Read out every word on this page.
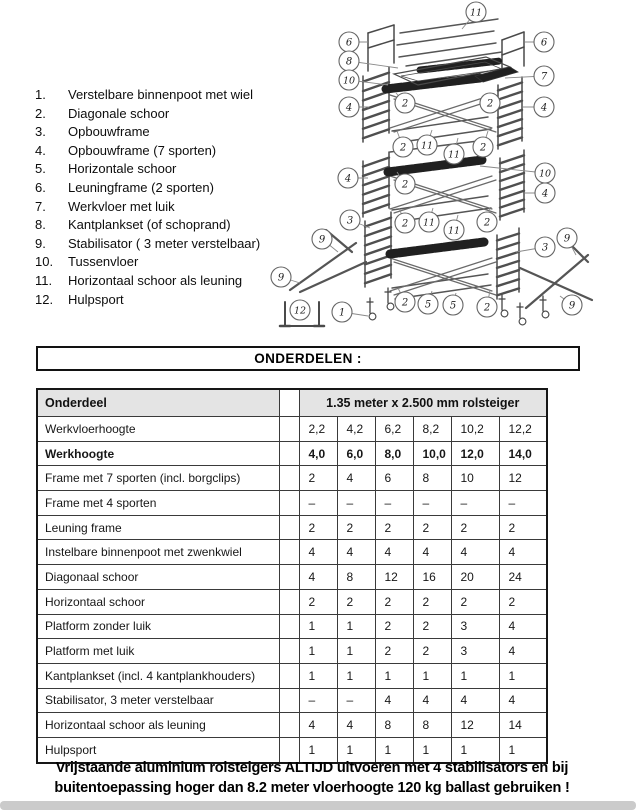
1.	Verstelbare binnenpoot met wiel
2.	Diagonale schoor
3.	Opbouwframe
4.	Opbouwframe (7 sporten)
5.	Horizontale schoor
6.	Leuningframe (2 sporten)
7.	Werkvloer met luik
8.	Kantplankset (of schoprand)
9.	Stabilisator ( 3 meter verstelbaar)
10.	Tussenvloer
11.	Horizontaal schoor als leuning
12.	Hulpsport
11
6
8
10
4	2	2
2 11
11
2
6
7
4
4
2
10
4
3	2 11
11
2
3
9	9
9
9
2 5 5	2
12	1
ONDERDELEN :
Onderdeel		1.35 meter x 2.500 mm rolsteiger					
Werkvloerhoogte		2,2	4,2	6,2	8,2	10,2	12,2
Werkhoogte		4,0	6,0	8,0	10,0	12,0	14,0
Frame met 7 sporten (incl. borgclips)		2	4	6	8	10	12
Frame met 4 sporten		–	–	–	–	–	–
Leuning frame		2	2	2	2	2	2
Instelbare binnenpoot met zwenkwiel		4	4	4	4	4	4
Diagonaal schoor		4	8	12	16	20	24
Horizontaal schoor		2	2	2	2	2	2
Platform zonder luik		1	1	2	2	3	4
Platform met luik		1	1	2	2	3	4
Kantplankset (incl. 4 kantplankhouders)		1	1	1	1	1	1
Stabilisator, 3 meter verstelbaar		–	–	4	4	4	4
Horizontaal schoor als leuning		4	4	8	8	12	14
Hulpsport		1	1	1	1	1	1
Vrijstaande aluminium rolsteigers ALTIJD uitvoeren met 4 stabilisators en bij
buitentoepassing hoger dan 8.2 meter vloerhoogte 120 kg ballast gebruiken !
